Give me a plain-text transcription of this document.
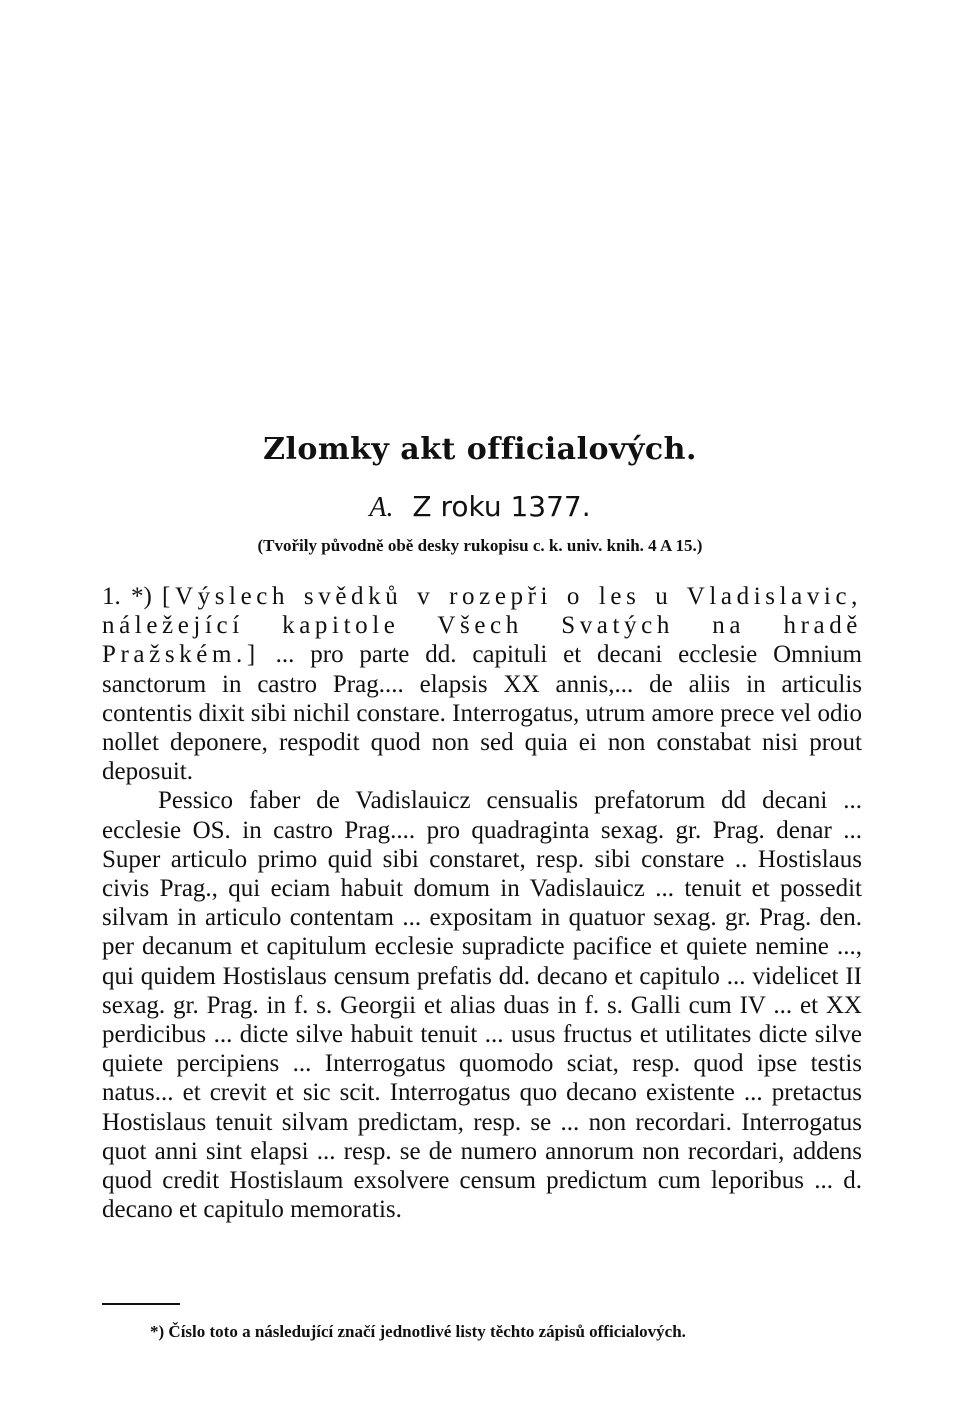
Zlomky akt officialových.
A. Z roku 1377.
(Tvořily původně obě desky rukopisu c. k. univ. knih. 4 A 15.)

1. *) [Výslech svědků v rozepři o les u Vladislavic, náležející kapitole Všech Svatých na hradě Pražském.] ... pro parte dd. capituli et decani ecclesie Omnium sanctorum in castro Prag.... elapsis XX annis,... de aliis in articulis contentis dixit sibi nichil constare. Interrogatus, utrum amore prece vel odio nollet deponere, respodit quod non sed quia ei non constabat nisi prout deposuit.

Pessico faber de Vadislauicz censualis prefatorum dd decani ... ecclesie OS. in castro Prag.... pro quadraginta sexag. gr. Prag. denar ... Super articulo primo quid sibi constaret, resp. sibi constare .. Hostislaus civis Prag., qui eciam habuit domum in Vadislauicz ... tenuit et possedit silvam in articulo contentam ... expositam in quatuor sexag. gr. Prag. den. per decanum et capitulum ecclesie supradicte pacifice et quiete nemine ..., qui quidem Hostislaus censum prefatis dd. decano et capitulo ... videlicet II sexag. gr. Prag. in f. s. Georgii et alias duas in f. s. Galli cum IV ... et XX perdicibus ... dicte silve habuit tenuit ... usus fructus et utilitates dicte silve quiete percipiens ... Interrogatus quomodo sciat, resp. quod ipse testis natus... et crevit et sic scit. Interrogatus quo decano existente ... pretactus Hostislaus tenuit silvam predictam, resp. se ... non recordari. Interrogatus quot anni sint elapsi ... resp. se de numero annorum non recordari, addens quod credit Hostislaum exsolvere censum predictum cum leporibus ... d. decano et capitulo memoratis.

*) Číslo toto a následující značí jednotlivé listy těchto zápisů officialových.
